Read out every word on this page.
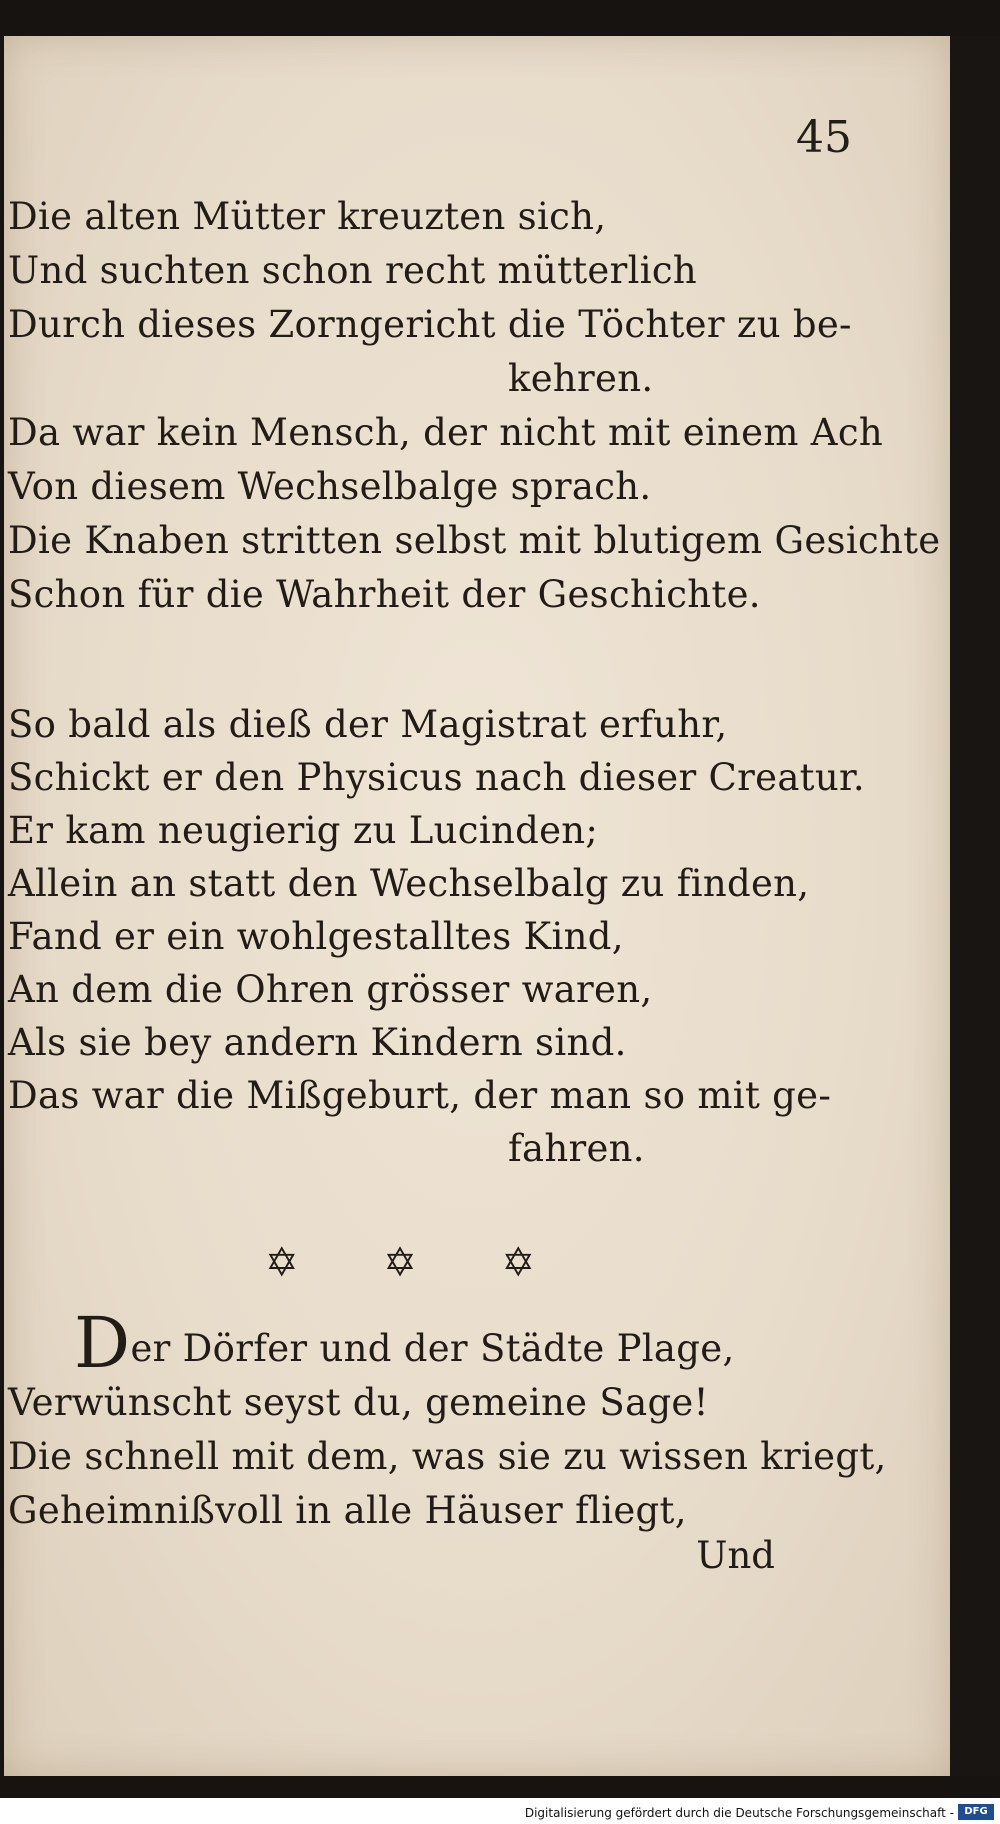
45
Die alten Mütter kreuzten sich,
Und suchten schon recht mütterlich
Durch dieses Zorngericht die Töchter zu be-
kehren.
Da war kein Mensch, der nicht mit einem Ach
Von diesem Wechselbalge sprach.
Die Knaben stritten selbst mit blutigem Gesichte
Schon für die Wahrheit der Geschichte.
So bald als dieß der Magistrat erfuhr,
Schickt er den Physicus nach dieser Creatur.
Er kam neugierig zu Lucinden;
Allein an statt den Wechselbalg zu finden,
Fand er ein wohlgestalltes Kind,
An dem die Ohren grösser waren,
Als sie bey andern Kindern sind.
Das war die Mißgeburt, der man so mit ge-
fahren.
✡ ✡ ✡
Der Dörfer und der Städte Plage,
Verwünscht seyst du, gemeine Sage!
Die schnell mit dem, was sie zu wissen kriegt,
Geheimnißvoll in alle Häuser fliegt,
Und
Digitalisierung gefördert durch die Deutsche Forschungsgemeinschaft -	DFG
